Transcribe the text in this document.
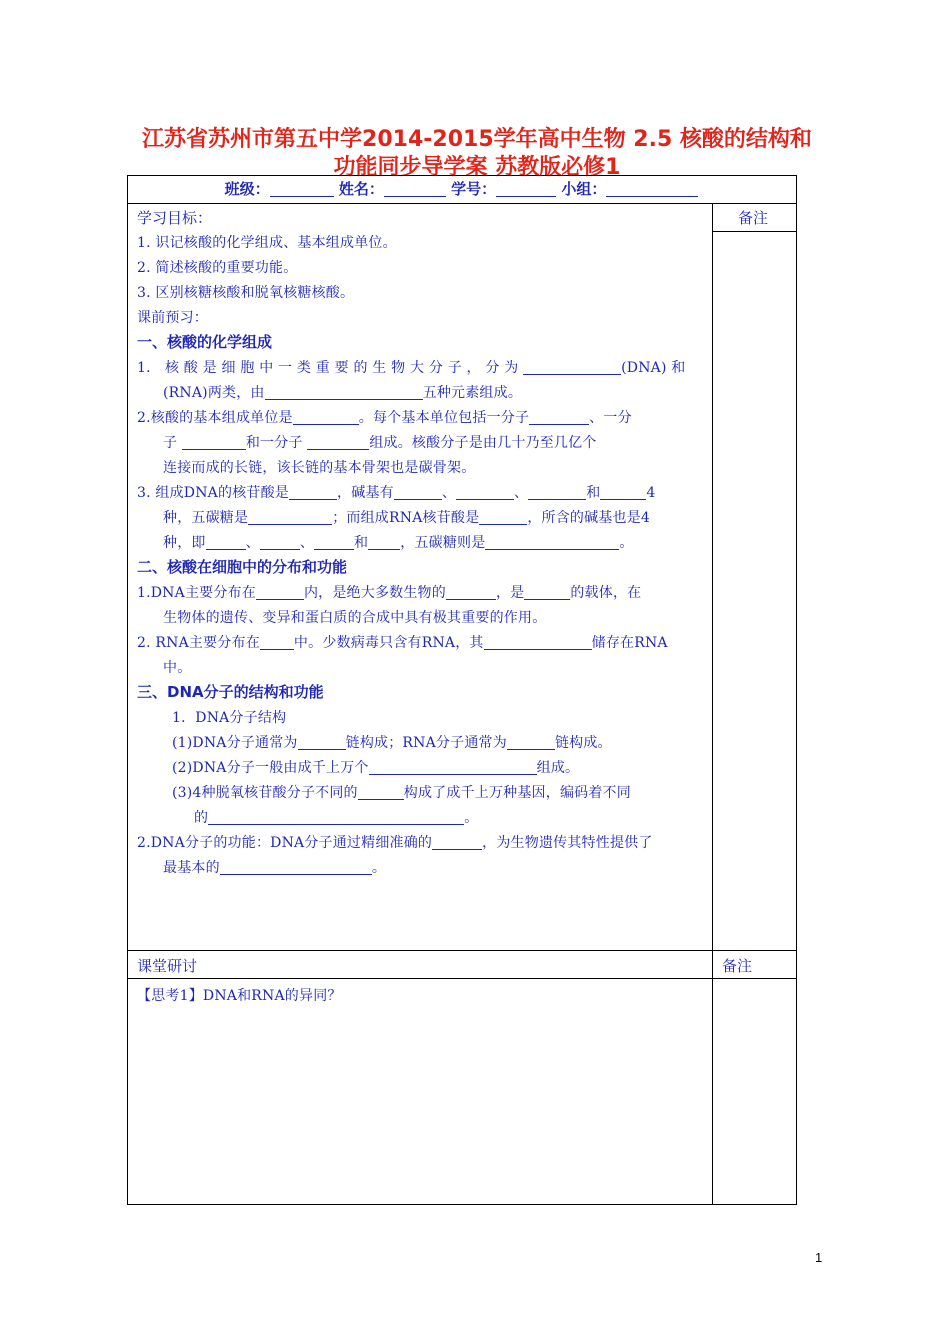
江苏省苏州市第五中学2014-2015学年高中生物 2.5 核酸的结构和
功能同步导学案 苏教版必修1
班级：	姓名：	学号：	小组：
学习目标：	备注
1. 识记核酸的化学组成、基本组成单位。
2. 简述核酸的重要功能。
3. 区别核糖核酸和脱氧核糖核酸。
课前预习：
一、核酸的化学组成
1． 核 酸 是 细 胞 中 一 类 重 要 的 生 物 大 分 子 ， 分 为	(DNA) 和
(RNA)两类，由	五种元素组成。
2.核酸的基本组成单位是	。每个基本单位包括一分子	、一分
子	和一分子	组成。核酸分子是由几十乃至几亿个
连接而成的长链，该长链的基本骨架也是碳骨架。
3. 组成DNA的核苷酸是	，碱基有	、	、	和	4
种，五碳糖是	；而组成RNA核苷酸是	，所含的碱基也是4
种，即	、	、	和 ，五碳糖则是	。
二、核酸在细胞中的分布和功能
1.DNA主要分布在	内，是绝大多数生物的	，是	的载体，在
生物体的遗传、变异和蛋白质的合成中具有极其重要的作用。
2. RNA主要分布在 中。少数病毒只含有RNA，其	储存在RNA
中。
三、DNA分子的结构和功能
1．DNA分子结构
(1)DNA分子通常为	链构成；RNA分子通常为	链构成。
(2)DNA分子一般由成千上万个	组成。
(3)4种脱氧核苷酸分子不同的	构成了成千上万种基因，编码着不同
的	。
2.DNA分子的功能：DNA分子通过精细准确的	，为生物遗传其特性提供了
最基本的	。
课堂研讨	备注
【思考1】DNA和RNA的异同？
1
